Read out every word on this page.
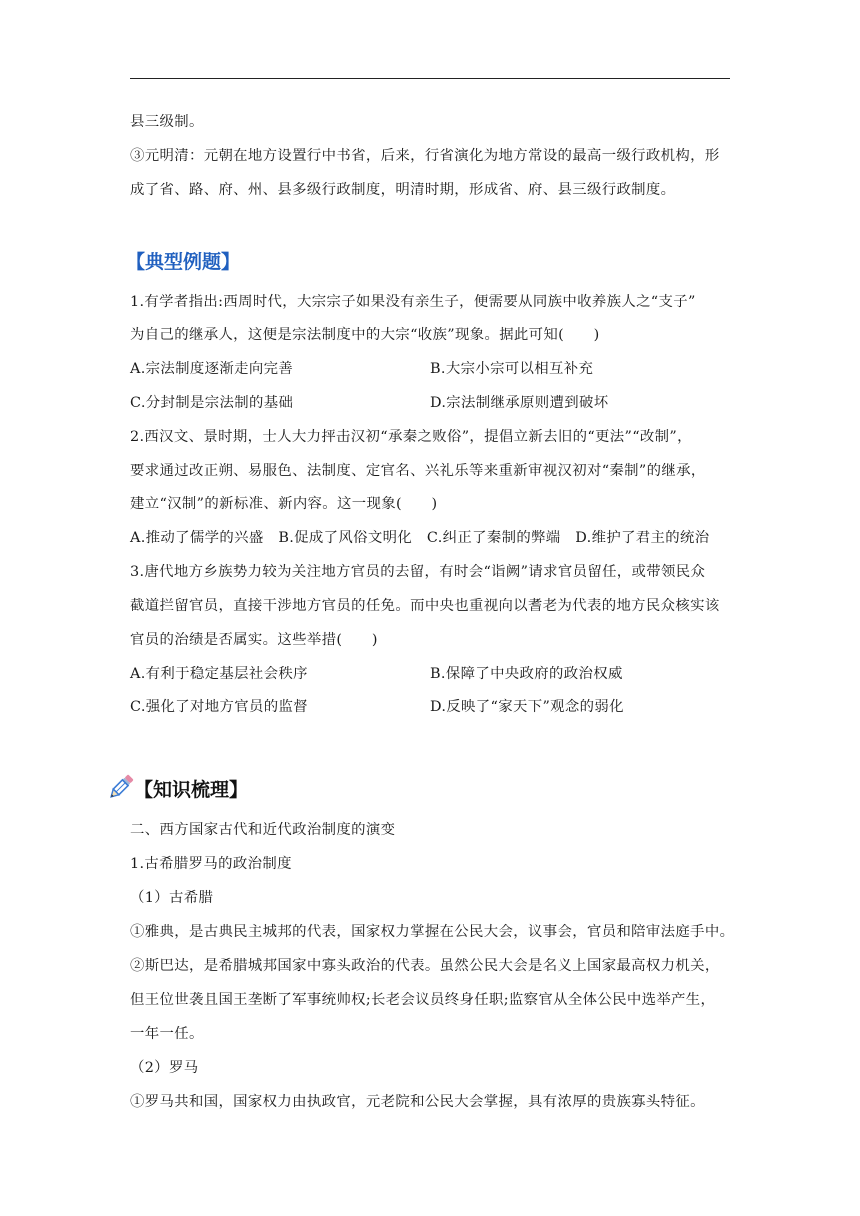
县三级制。
③元明清：元朝在地方设置行中书省，后来，行省演化为地方常设的最高一级行政机构，形
成了省、路、府、州、县多级行政制度，明清时期，形成省、府、县三级行政制度。
【典型例题】
1.有学者指出:西周时代，大宗宗子如果没有亲生子，便需要从同族中收养族人之“支子”
为自己的继承人，这便是宗法制度中的大宗“收族”现象。据此可知(　　)
A.宗法制度逐渐走向完善	B.大宗小宗可以相互补充
C.分封制是宗法制的基础	D.宗法制继承原则遭到破坏
2.西汉文、景时期，士人大力抨击汉初“承秦之败俗”，提倡立新去旧的“更法”“改制”，
要求通过改正朔、易服色、法制度、定官名、兴礼乐等来重新审视汉初对“秦制”的继承，
建立“汉制”的新标准、新内容。这一现象(　　)
A.推动了儒学的兴盛　B.促成了风俗文明化　C.纠正了秦制的弊端　D.维护了君主的统治
3.唐代地方乡族势力较为关注地方官员的去留，有时会“诣阙”请求官员留任，或带领民众
截道拦留官员，直接干涉地方官员的任免。而中央也重视向以耆老为代表的地方民众核实该
官员的治绩是否属实。这些举措(　　)
A.有利于稳定基层社会秩序	B.保障了中央政府的政治权威
C.强化了对地方官员的监督	D.反映了“家天下”观念的弱化
【知识梳理】
二、西方国家古代和近代政治制度的演变
1.古希腊罗马的政治制度
（1）古希腊
①雅典，是古典民主城邦的代表，国家权力掌握在公民大会，议事会，官员和陪审法庭手中。
②斯巴达，是希腊城邦国家中寡头政治的代表。虽然公民大会是名义上国家最高权力机关，
但王位世袭且国王垄断了军事统帅权;长老会议员终身任职;监察官从全体公民中选举产生，
一年一任。
（2）罗马
①罗马共和国，国家权力由执政官，元老院和公民大会掌握，具有浓厚的贵族寡头特征。
